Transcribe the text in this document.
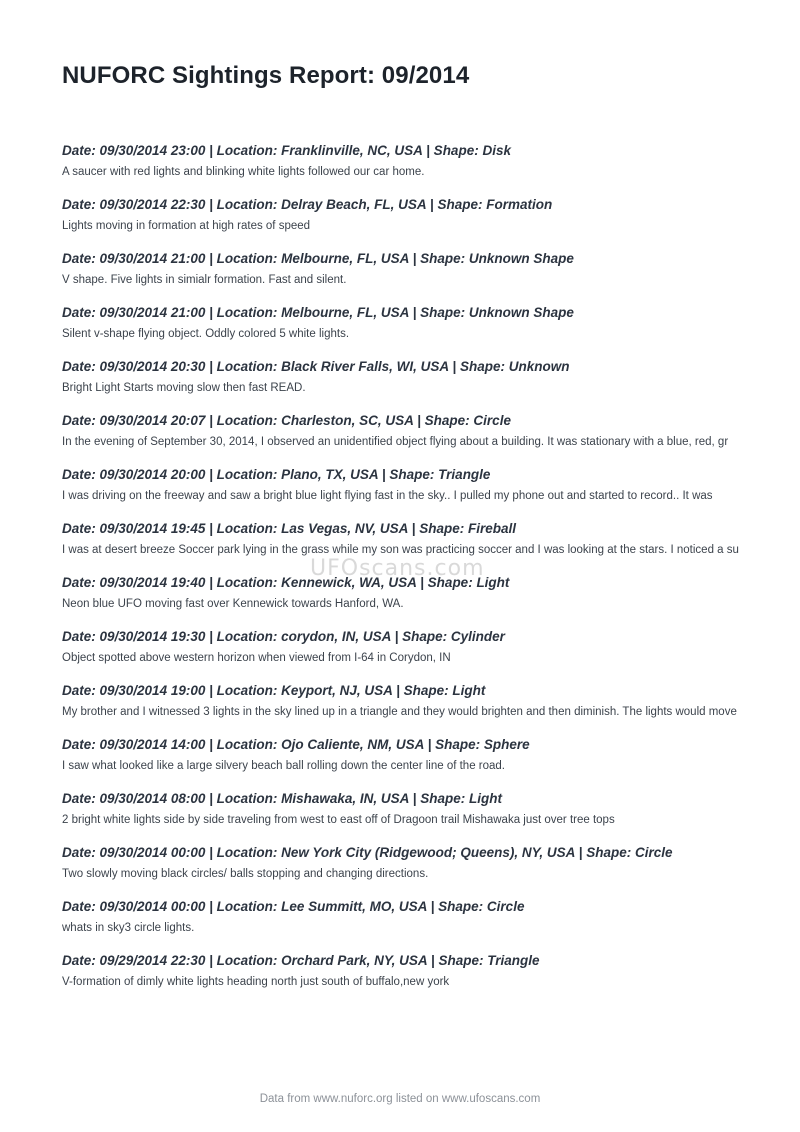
NUFORC Sightings Report: 09/2014
Date: 09/30/2014 23:00 | Location: Franklinville, NC, USA | Shape: Disk
A saucer with red lights and blinking white lights followed our car home.
Date: 09/30/2014 22:30 | Location: Delray Beach, FL, USA | Shape: Formation
Lights moving in formation at high rates of speed
Date: 09/30/2014 21:00 | Location: Melbourne, FL, USA | Shape: Unknown Shape
V shape. Five lights in simialr formation. Fast and silent.
Date: 09/30/2014 21:00 | Location: Melbourne, FL, USA | Shape: Unknown Shape
Silent v-shape flying object. Oddly colored 5 white lights.
Date: 09/30/2014 20:30 | Location: Black River Falls, WI, USA | Shape: Unknown
Bright Light Starts moving slow then fast READ.
Date: 09/30/2014 20:07 | Location: Charleston, SC, USA | Shape: Circle
In the evening of September 30, 2014, I observed an unidentified object flying about a building. It was stationary with a blue, red, gr
Date: 09/30/2014 20:00 | Location: Plano, TX, USA | Shape: Triangle
I was driving on the freeway and saw a bright blue light flying fast in the sky.. I pulled my phone out and started to record.. It was
Date: 09/30/2014 19:45 | Location: Las Vegas, NV, USA | Shape: Fireball
I was at desert breeze Soccer park lying in the grass while my son was practicing soccer and I was looking at the stars. I noticed a su
Date: 09/30/2014 19:40 | Location: Kennewick, WA, USA | Shape: Light
Neon blue UFO moving fast over Kennewick towards Hanford, WA.
Date: 09/30/2014 19:30 | Location: corydon, IN, USA | Shape: Cylinder
Object spotted above western horizon when viewed from I-64 in Corydon, IN
Date: 09/30/2014 19:00 | Location: Keyport, NJ, USA | Shape: Light
My brother and I witnessed 3 lights in the sky lined up in a triangle and they would brighten and then diminish. The lights would move
Date: 09/30/2014 14:00 | Location: Ojo Caliente, NM, USA | Shape: Sphere
I saw what looked like a large silvery beach ball rolling down the center line of the road.
Date: 09/30/2014 08:00 | Location: Mishawaka, IN, USA | Shape: Light
2 bright white lights side by side traveling from west to east off of Dragoon trail Mishawaka just over tree tops
Date: 09/30/2014 00:00 | Location: New York City (Ridgewood; Queens), NY, USA | Shape: Circle
Two slowly moving black circles/ balls stopping and changing directions.
Date: 09/30/2014 00:00 | Location: Lee Summitt, MO, USA | Shape: Circle
whats in sky3 circle lights.
Date: 09/29/2014 22:30 | Location: Orchard Park, NY, USA | Shape: Triangle
V-formation of dimly white lights heading north just south of buffalo,new york
UFOscans.com
Data from www.nuforc.org listed on www.ufoscans.com
